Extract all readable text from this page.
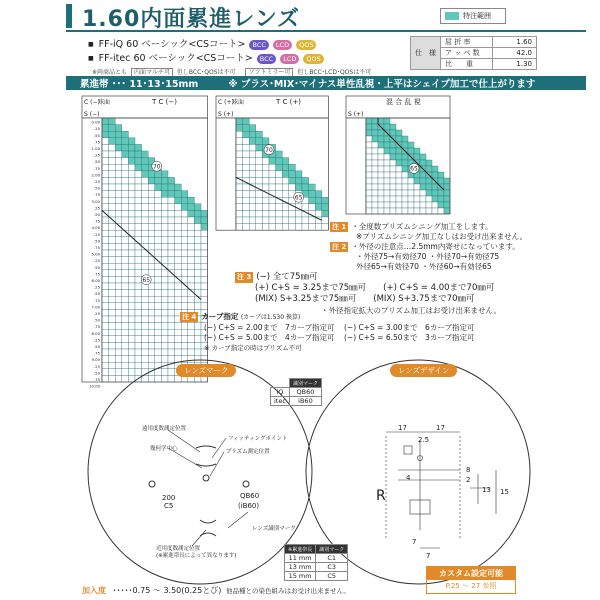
1.60内面累進レンズ	特注範囲
■ FF-iQ 60 ベーシック<CSコート>	BCC	LCD	QOS
■ FF-itec 60 ベーシック<CSコート>	BCC	LCD	QOS
※両商品とも 内面マルチ可 但しBCC･QOSは不可 ソフトミラー可 但しBCC･LCD･QOSは不可
仕　様	屈 折 率	1.60
	ア ッ ベ 数	42.0
	比　　重	1.30
累進帯 ･･･ 11･13･15mm	※ プラス･MIX･マイナス単性乱視・上平はシェイプ加工で仕上がります
70
65
C (−)
球面	T C (−)
S (−)
0.00
.25
.50
.75
1.00
.25
.50
.75
2.00
.25
.50
.75
3.00
.25
.50
.75
4.00
.25
.50
.75
5.00
.25
.50
.75
6.00
.25
.50
.75
7.00
.25
.50
.75
8.00
.25
.50
.75
9.00
.25
.50
.75
10.00
70
65
C (+)
球面	T C (+)
S (+)
65
混 合 乱 視
S (+)
注 1 ・全度数プリズムシニング加工をします。
※プリズムシニング加工なしはお受け出来ません。
注 2 ・外径の注意点…2.5mm内寄せになっています。
・外径75→有効径70 ・外径70→有効径75
外径65→有効径70 ・外径60→有効径65
注 3 (−) 全て75㎜可
(+) C+S = 3.25まで75㎜可　　(+) C+S = 4.00まで70㎜可
(MIX) S+3.25まで75㎜可　　(MIX) S+3.75まで70㎜可
・外径指定拡大のプリズム加工はお受け出来ません。
注 4 カーブ指定 (カーブは1.530 換算)
(−) C+S = 2.00まで　7カーブ指定可 (−) C+S = 3.00まで　6カーブ指定可
(−) C+S = 5.00まで　4カーブ指定可 (−) C+S = 6.50まで　3カーブ指定可
※ カーブ指定の時はプリズム不可
レンズマーク	レンズデザイン
	識別マーク
iQ	QB60
itec	iB60
遠用度数測定位置
フィッティングポイント
幾何学中心	プリズム測定位置
200
C5
QB60
(iB60)
レンズ識別マーク
近用度数測定位置
(※累進帯長によって異なります)
※累進帯長	識別マーク
11 mm	C1
13 mm	C3
15 mm	C5
17	17
2.5
4
8
2
13 15
R
7
7
カスタム設定可能
P.25 〜 27 参照
加入度 ･････0.75 〜 3.50(0.25とび) 他品種との染色組みはお受け出来ません。
